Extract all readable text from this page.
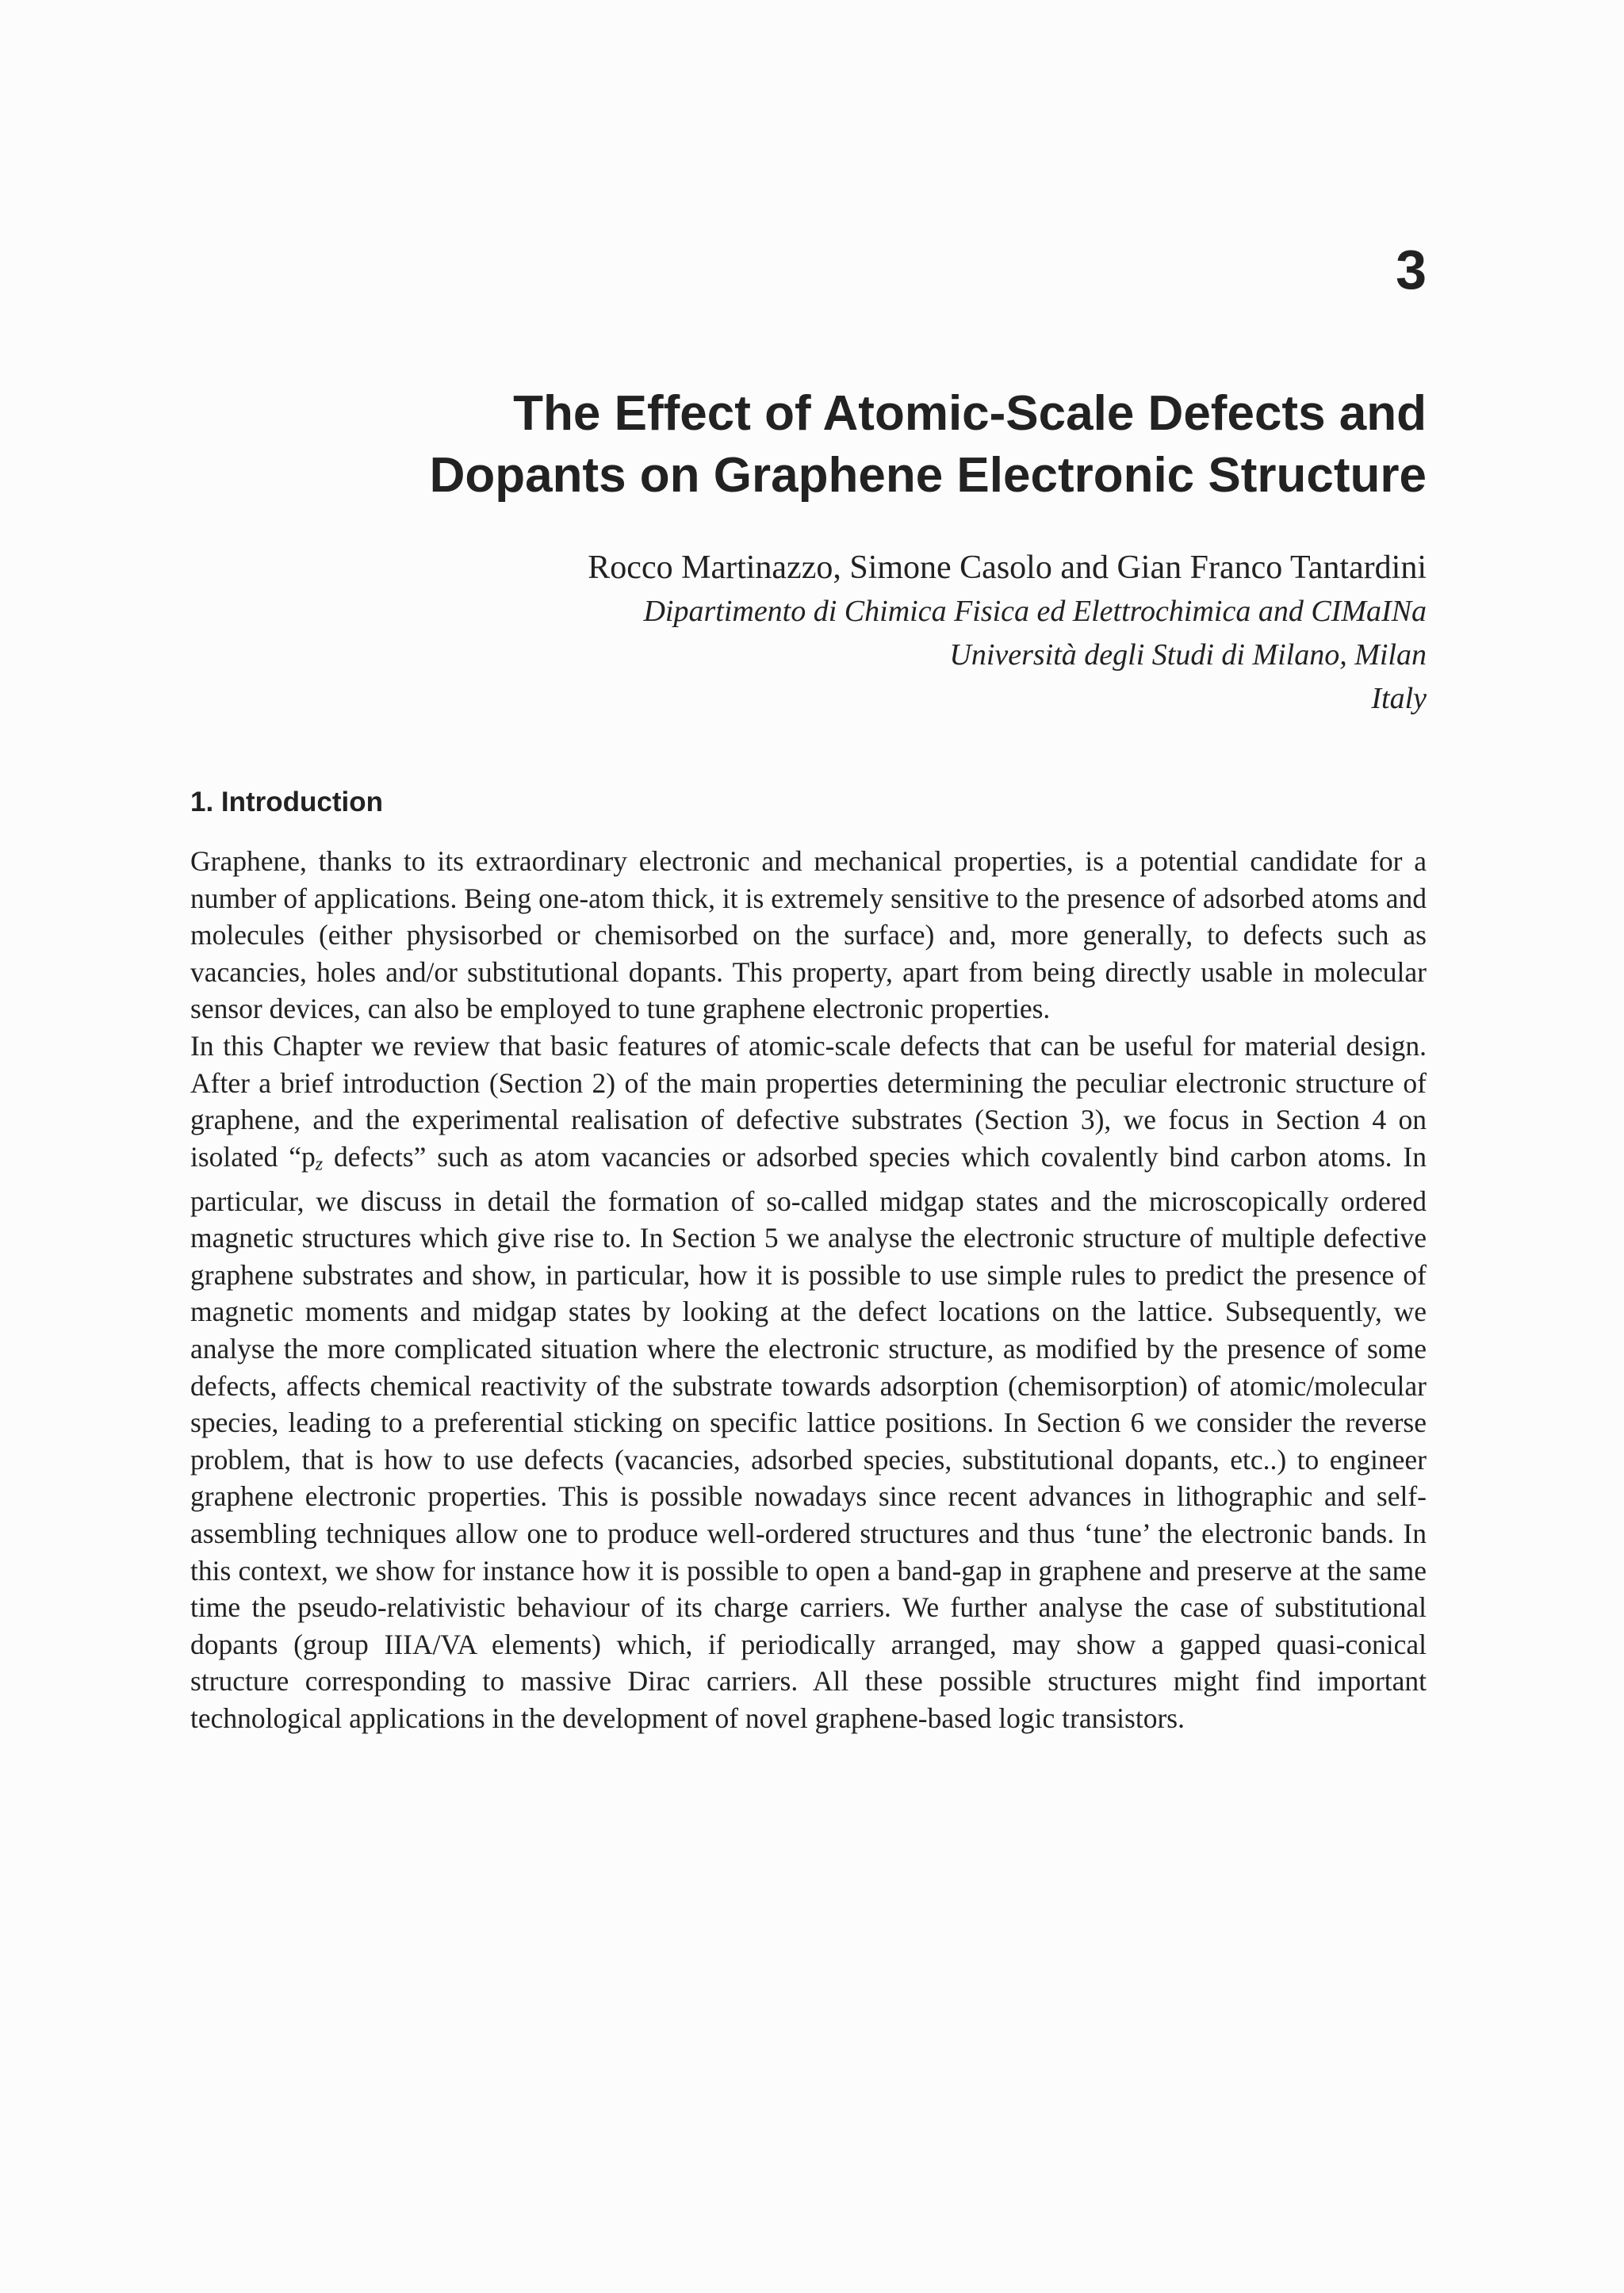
3
The Effect of Atomic-Scale Defects and
Dopants on Graphene Electronic Structure

Rocco Martinazzo, Simone Casolo and Gian Franco Tantardini

Dipartimento di Chimica Fisica ed Elettrochimica and CIMaINa

Università degli Studi di Milano, Milan

Italy

1. Introduction

Graphene, thanks to its extraordinary electronic and mechanical properties, is a potential candidate for a number of applications. Being one-atom thick, it is extremely sensitive to the presence of adsorbed atoms and molecules (either physisorbed or chemisorbed on the surface) and, more generally, to defects such as vacancies, holes and/or substitutional dopants. This property, apart from being directly usable in molecular sensor devices, can also be employed to tune graphene electronic properties.

In this Chapter we review that basic features of atomic-scale defects that can be useful for material design. After a brief introduction (Section 2) of the main properties determining the peculiar electronic structure of graphene, and the experimental realisation of defective substrates (Section 3), we focus in Section 4 on isolated “$p_z$ defects” such as atom vacancies or adsorbed species which covalently bind carbon atoms. In particular, we discuss in detail the formation of so-called midgap states and the microscopically ordered magnetic structures which give rise to. In Section 5 we analyse the electronic structure of multiple defective graphene substrates and show, in particular, how it is possible to use simple rules to predict the presence of magnetic moments and midgap states by looking at the defect locations on the lattice. Subsequently, we analyse the more complicated situation where the electronic structure, as modified by the presence of some defects, affects chemical reactivity of the substrate towards adsorption (chemisorption) of atomic/molecular species, leading to a preferential sticking on specific lattice positions. In Section 6 we consider the reverse problem, that is how to use defects (vacancies, adsorbed species, substitutional dopants, etc..) to engineer graphene electronic properties. This is possible nowadays since recent advances in lithographic and self-assembling techniques allow one to produce well-ordered structures and thus ‘tune’ the electronic bands. In this context, we show for instance how it is possible to open a band-gap in graphene and preserve at the same time the pseudo-relativistic behaviour of its charge carriers. We further analyse the case of substitutional dopants (group IIIA/VA elements) which, if periodically arranged, may show a gapped quasi-conical structure corresponding to massive Dirac carriers. All these possible structures might find important technological applications in the development of novel graphene-based logic transistors.
